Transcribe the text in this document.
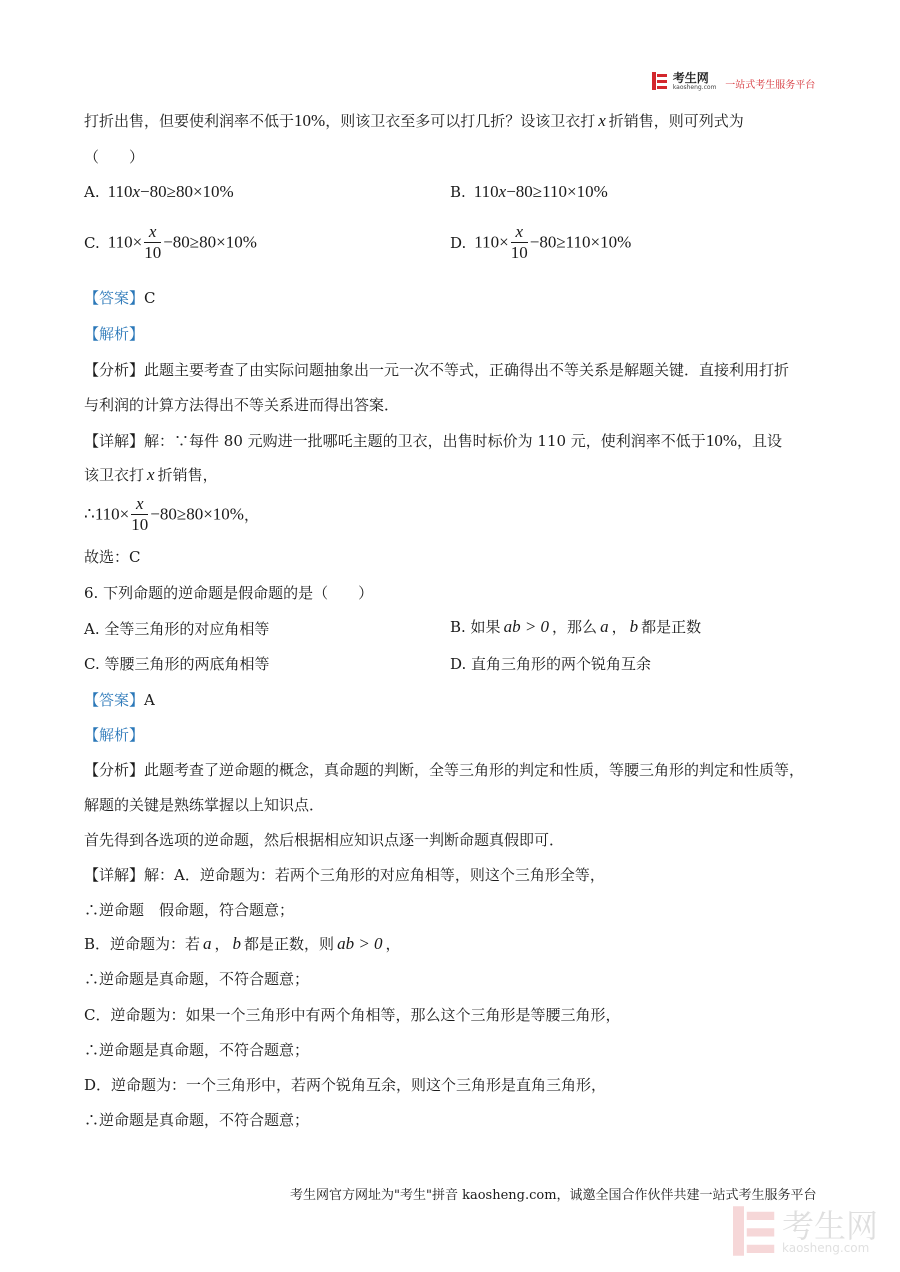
考生网
kaosheng.com 一站式考生服务平台
打折出售，但要使利润率不低于10%，则该卫衣至多可以打几折？设该卫衣打 x 折销售，则可列式为
（　　）
A. 110x−80≥80×10%	B. 110x−80≥110×10%
C. $110\times \frac{x}{10} -80\ge 80\times 10\%$	D. $110\times \frac{x}{10} -80\ge 110\times 10\%$
【答案】C
【解析】
【分析】此题主要考查了由实际问题抽象出一元一次不等式，正确得出不等关系是解题关键．直接利用打折
与利润的计算方法得出不等关系进而得出答案．
【详解】解：∵每件 80 元购进一批哪吒主题的卫衣，出售时标价为 110 元，使利润率不低于10%，且设
该卫衣打 x 折销售，
∴110× $\frac{x}{10} -80\ge 80\times 10\%$，
故选：C
6. 下列命题的逆命题是假命题的是（　　）
A. 全等三角形的对应角相等	B. 如果 ab > 0 ，那么 a ， b 都是正数
C. 等腰三角形的两底角相等	D. 直角三角形的两个锐角互余
【答案】A
【解析】
【分析】此题考查了逆命题的概念，真命题的判断，全等三角形的判定和性质，等腰三角形的判定和性质等，
解题的关键是熟练掌握以上知识点．
首先得到各选项的逆命题，然后根据相应知识点逐一判断命题真假即可．
【详解】解：A．逆命题为：若两个三角形的对应角相等，则这个三角形全等，
∴逆命题　假命题，符合题意；
B．逆命题为：若 a ， b 都是正数，则 ab > 0 ，
∴逆命题是真命题，不符合题意；
C．逆命题为：如果一个三角形中有两个角相等，那么这个三角形是等腰三角形，
∴逆命题是真命题，不符合题意；
D．逆命题为：一个三角形中，若两个锐角互余，则这个三角形是直角三角形，
∴逆命题是真命题，不符合题意；
考生网官方网址为"考生"拼音 kaosheng.com，诚邀全国合作伙伴共建一站式考生服务平台

考生网
kaosheng.com
